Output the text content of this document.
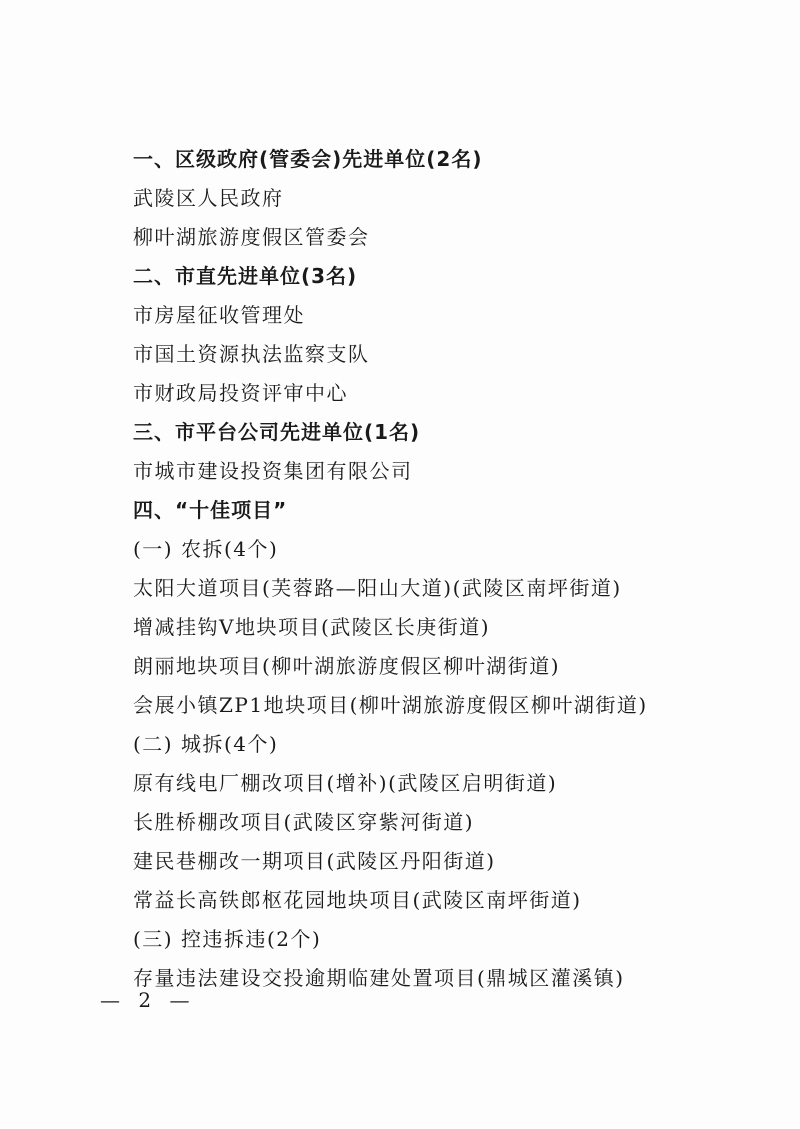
一、区级政府(管委会)先进单位(2名)
武陵区人民政府
柳叶湖旅游度假区管委会
二、市直先进单位(3名)
市房屋征收管理处
市国土资源执法监察支队
市财政局投资评审中心
三、市平台公司先进单位(1名)
市城市建设投资集团有限公司
四、“十佳项目”
(一) 农拆(4个)
太阳大道项目(芙蓉路—阳山大道)(武陵区南坪街道)
增减挂钩V地块项目(武陵区长庚街道)
朗丽地块项目(柳叶湖旅游度假区柳叶湖街道)
会展小镇ZP1地块项目(柳叶湖旅游度假区柳叶湖街道)
(二) 城拆(4个)
原有线电厂棚改项目(增补)(武陵区启明街道)
长胜桥棚改项目(武陵区穿紫河街道)
建民巷棚改一期项目(武陵区丹阳街道)
常益长高铁郎枢花园地块项目(武陵区南坪街道)
(三) 控违拆违(2个)
存量违法建设交投逾期临建处置项目(鼎城区灌溪镇)
— 2 —
